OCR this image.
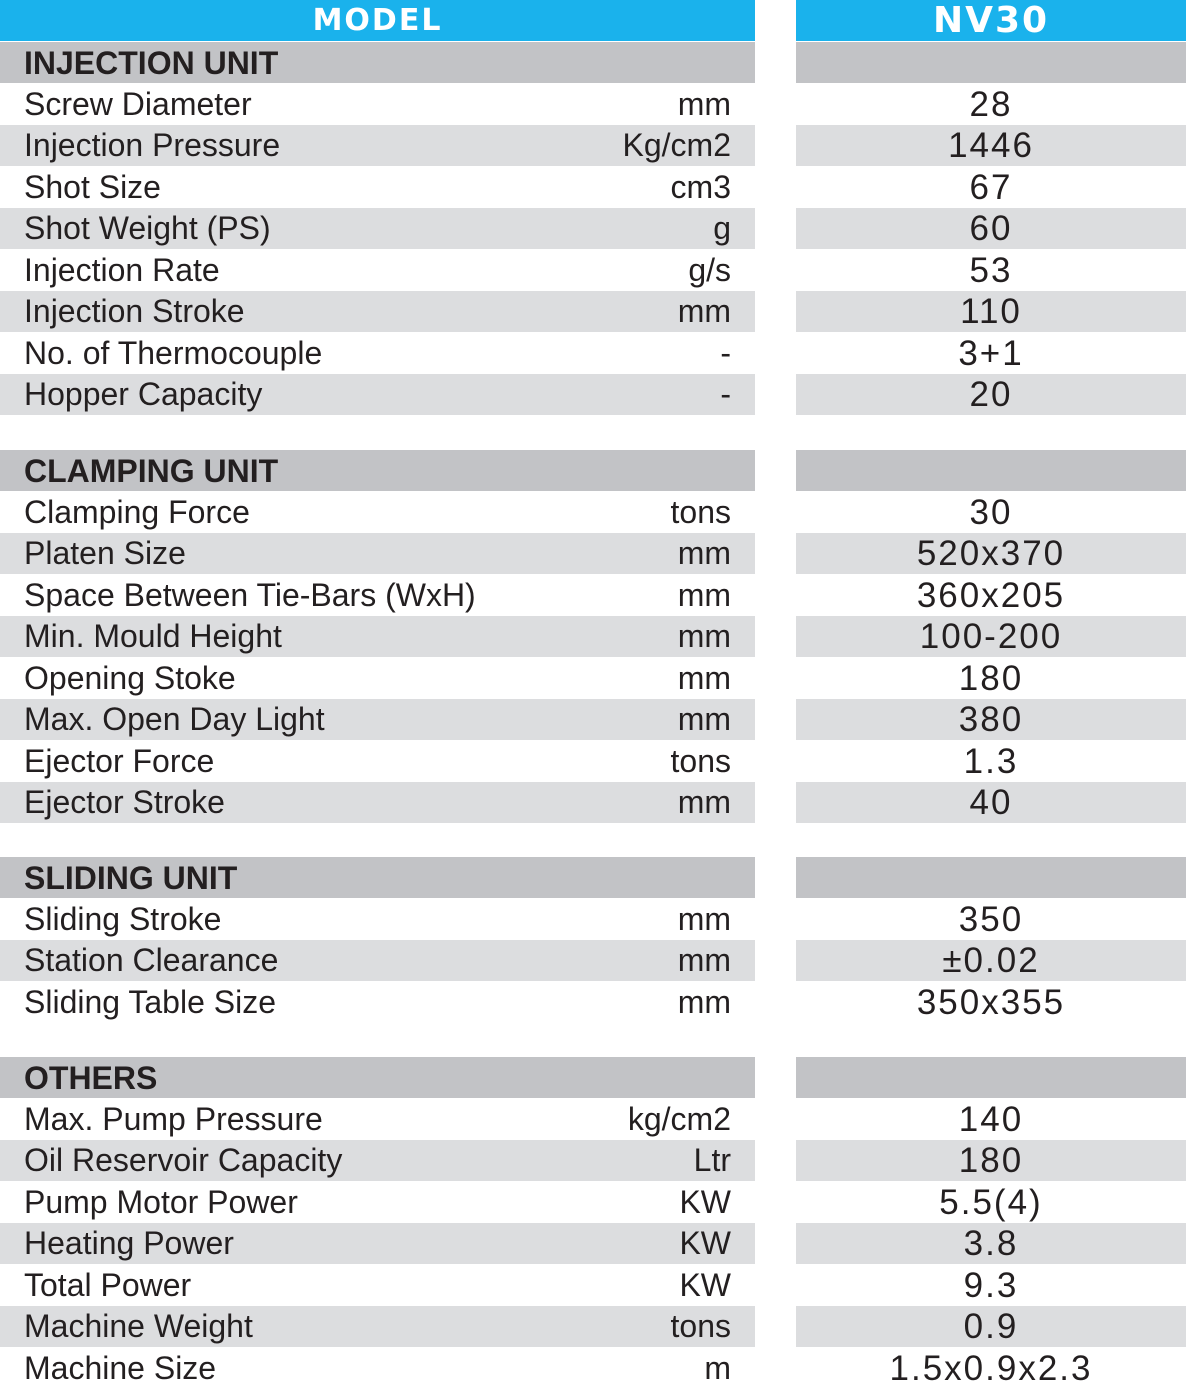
MODEL	NV30
INJECTION UNIT
Screw Diameter	mm	28
Injection Pressure	Kg/cm2	1446
Shot Size	cm3	67
Shot Weight (PS)	g	60
Injection Rate	g/s	53
Injection Stroke	mm	110
No. of Thermocouple	-	3+1
Hopper Capacity	-	20
CLAMPING UNIT
Clamping Force	tons	30
Platen Size	mm	520x370
Space Between Tie-Bars (WxH)	mm	360x205
Min. Mould Height	mm	100-200
Opening Stoke	mm	180
Max. Open Day Light	mm	380
Ejector Force	tons	1.3
Ejector Stroke	mm	40
SLIDING UNIT
Sliding Stroke	mm	350
Station Clearance	mm	±0.02
Sliding Table Size	mm	350x355
OTHERS
Max. Pump Pressure	kg/cm2	140
Oil Reservoir Capacity	Ltr	180
Pump Motor Power	KW	5.5(4)
Heating Power	KW	3.8
Total Power	KW	9.3
Machine Weight	tons	0.9
Machine Size	m	1.5x0.9x2.3
